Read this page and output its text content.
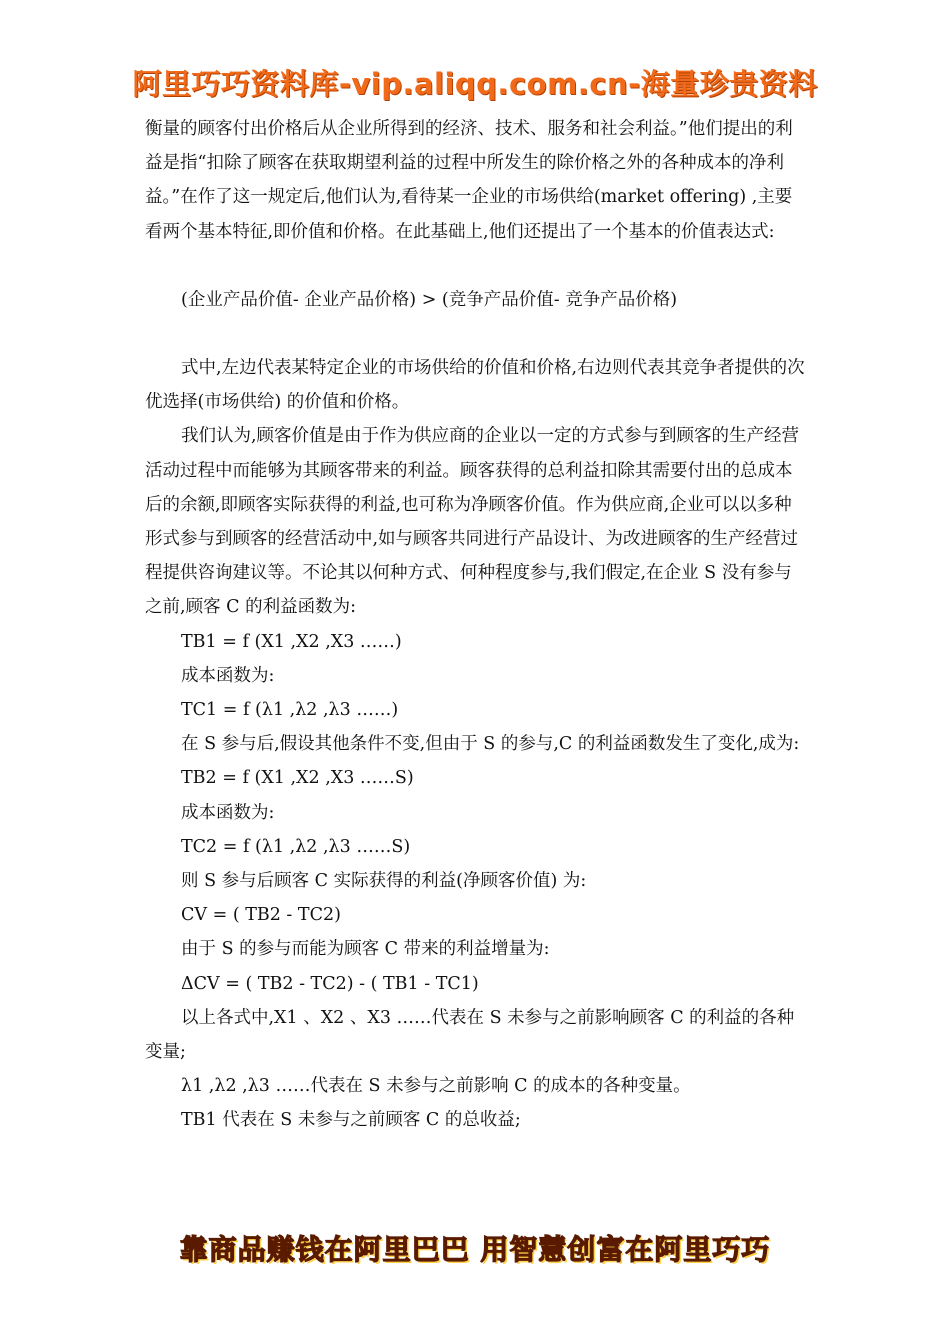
阿里巧巧资料库-vip.aliqq.com.cn-海量珍贵资料

衡量的顾客付出价格后从企业所得到的经济、技术、服务和社会利益。”他们提出的利益是指“扣除了顾客在获取期望利益的过程中所发生的除价格之外的各种成本的净利益。”在作了这一规定后,他们认为,看待某一企业的市场供给(market offering) ,主要看两个基本特征,即价值和价格。在此基础上,他们还提出了一个基本的价值表达式:

(企业产品价值- 企业产品价格) > (竞争产品价值- 竞争产品价格)

式中,左边代表某特定企业的市场供给的价值和价格,右边则代表其竞争者提供的次优选择(市场供给) 的价值和价格。

我们认为,顾客价值是由于作为供应商的企业以一定的方式参与到顾客的生产经营活动过程中而能够为其顾客带来的利益。顾客获得的总利益扣除其需要付出的总成本后的余额,即顾客实际获得的利益,也可称为净顾客价值。作为供应商,企业可以以多种形式参与到顾客的经营活动中,如与顾客共同进行产品设计、为改进顾客的生产经营过程提供咨询建议等。不论其以何种方式、何种程度参与,我们假定,在企业 S 没有参与之前,顾客 C 的利益函数为:

TB1 = f (X1 ,X2 ,X3 ……)

成本函数为:

TC1 = f (λ1 ,λ2 ,λ3 ……)

在 S 参与后,假设其他条件不变,但由于 S 的参与,C 的利益函数发生了变化,成为:

TB2 = f (X1 ,X2 ,X3 ……S)

成本函数为:

TC2 = f (λ1 ,λ2 ,λ3 ……S)

则 S 参与后顾客 C 实际获得的利益(净顾客价值) 为:

CV = ( TB2 - TC2)

由于 S 的参与而能为顾客 C 带来的利益增量为:

ΔCV = ( TB2 - TC2) - ( TB1 - TC1)

以上各式中,X1 、X2 、X3 ……代表在 S 未参与之前影响顾客 C 的利益的各种变量;

λ1 ,λ2 ,λ3 ……代表在 S 未参与之前影响 C 的成本的各种变量。

TB1 代表在 S 未参与之前顾客 C 的总收益;

靠商品赚钱在阿里巴巴 用智慧创富在阿里巧巧
